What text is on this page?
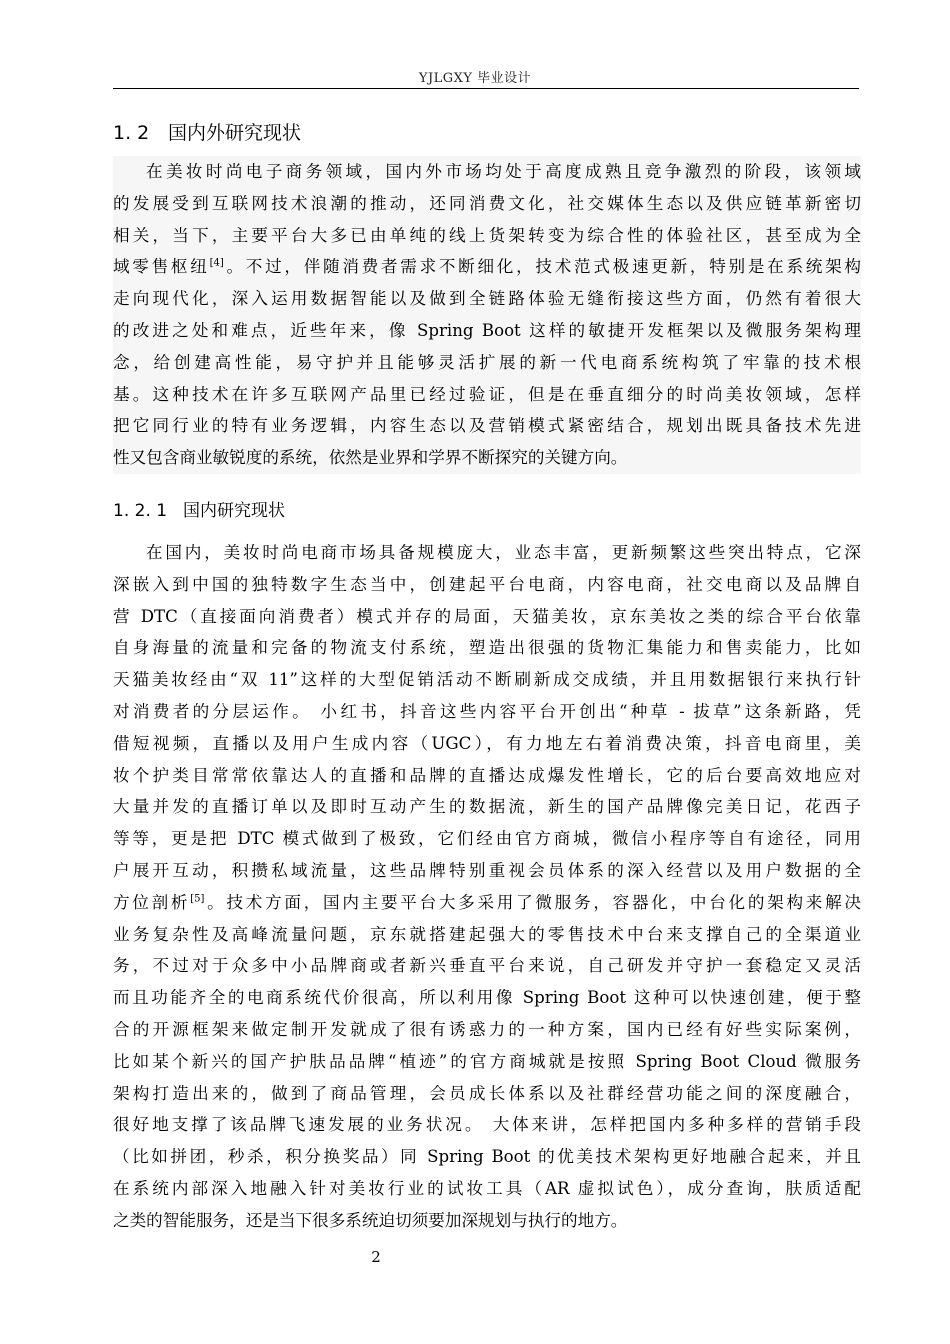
YJLGXY 毕业设计
1. 2 国内外研究现状
在美妆时尚电子商务领域，国内外市场均处于高度成熟且竞争激烈的阶段，该领域
的发展受到互联网技术浪潮的推动，还同消费文化，社交媒体生态以及供应链革新密切
相关，当下，主要平台大多已由单纯的线上货架转变为综合性的体验社区，甚至成为全
域零售枢纽[4]。不过，伴随消费者需求不断细化，技术范式极速更新，特别是在系统架构
走向现代化，深入运用数据智能以及做到全链路体验无缝衔接这些方面，仍然有着很大
的改进之处和难点，近些年来，像 Spring Boot 这样的敏捷开发框架以及微服务架构理
念，给创建高性能，易守护并且能够灵活扩展的新一代电商系统构筑了牢靠的技术根
基。这种技术在许多互联网产品里已经过验证，但是在垂直细分的时尚美妆领域，怎样
把它同行业的特有业务逻辑，内容生态以及营销模式紧密结合，规划出既具备技术先进
性又包含商业敏锐度的系统，依然是业界和学界不断探究的关键方向。
1. 2. 1 国内研究现状
在国内，美妆时尚电商市场具备规模庞大，业态丰富，更新频繁这些突出特点，它深
深嵌入到中国的独特数字生态当中，创建起平台电商，内容电商，社交电商以及品牌自
营 DTC（直接面向消费者）模式并存的局面，天猫美妆，京东美妆之类的综合平台依靠
自身海量的流量和完备的物流支付系统，塑造出很强的货物汇集能力和售卖能力，比如
天猫美妆经由“双 11”这样的大型促销活动不断刷新成交成绩，并且用数据银行来执行针
对消费者的分层运作。 小红书，抖音这些内容平台开创出“种草 - 拔草”这条新路，凭
借短视频，直播以及用户生成内容（UGC），有力地左右着消费决策，抖音电商里，美
妆个护类目常常依靠达人的直播和品牌的直播达成爆发性增长，它的后台要高效地应对
大量并发的直播订单以及即时互动产生的数据流，新生的国产品牌像完美日记，花西子
等等，更是把 DTC 模式做到了极致，它们经由官方商城，微信小程序等自有途径，同用
户展开互动，积攒私域流量，这些品牌特别重视会员体系的深入经营以及用户数据的全
方位剖析[5]。技术方面，国内主要平台大多采用了微服务，容器化，中台化的架构来解决
业务复杂性及高峰流量问题，京东就搭建起强大的零售技术中台来支撑自己的全渠道业
务，不过对于众多中小品牌商或者新兴垂直平台来说，自己研发并守护一套稳定又灵活
而且功能齐全的电商系统代价很高，所以利用像 Spring Boot 这种可以快速创建，便于整
合的开源框架来做定制开发就成了很有诱惑力的一种方案，国内已经有好些实际案例，
比如某个新兴的国产护肤品品牌“植迹”的官方商城就是按照 Spring Boot Cloud 微服务
架构打造出来的，做到了商品管理，会员成长体系以及社群经营功能之间的深度融合，
很好地支撑了该品牌飞速发展的业务状况。 大体来讲，怎样把国内多种多样的营销手段
（比如拼团，秒杀，积分换奖品）同 Spring Boot 的优美技术架构更好地融合起来，并且
在系统内部深入地融入针对美妆行业的试妆工具（AR 虚拟试色），成分查询，肤质适配
之类的智能服务，还是当下很多系统迫切须要加深规划与执行的地方。
2
